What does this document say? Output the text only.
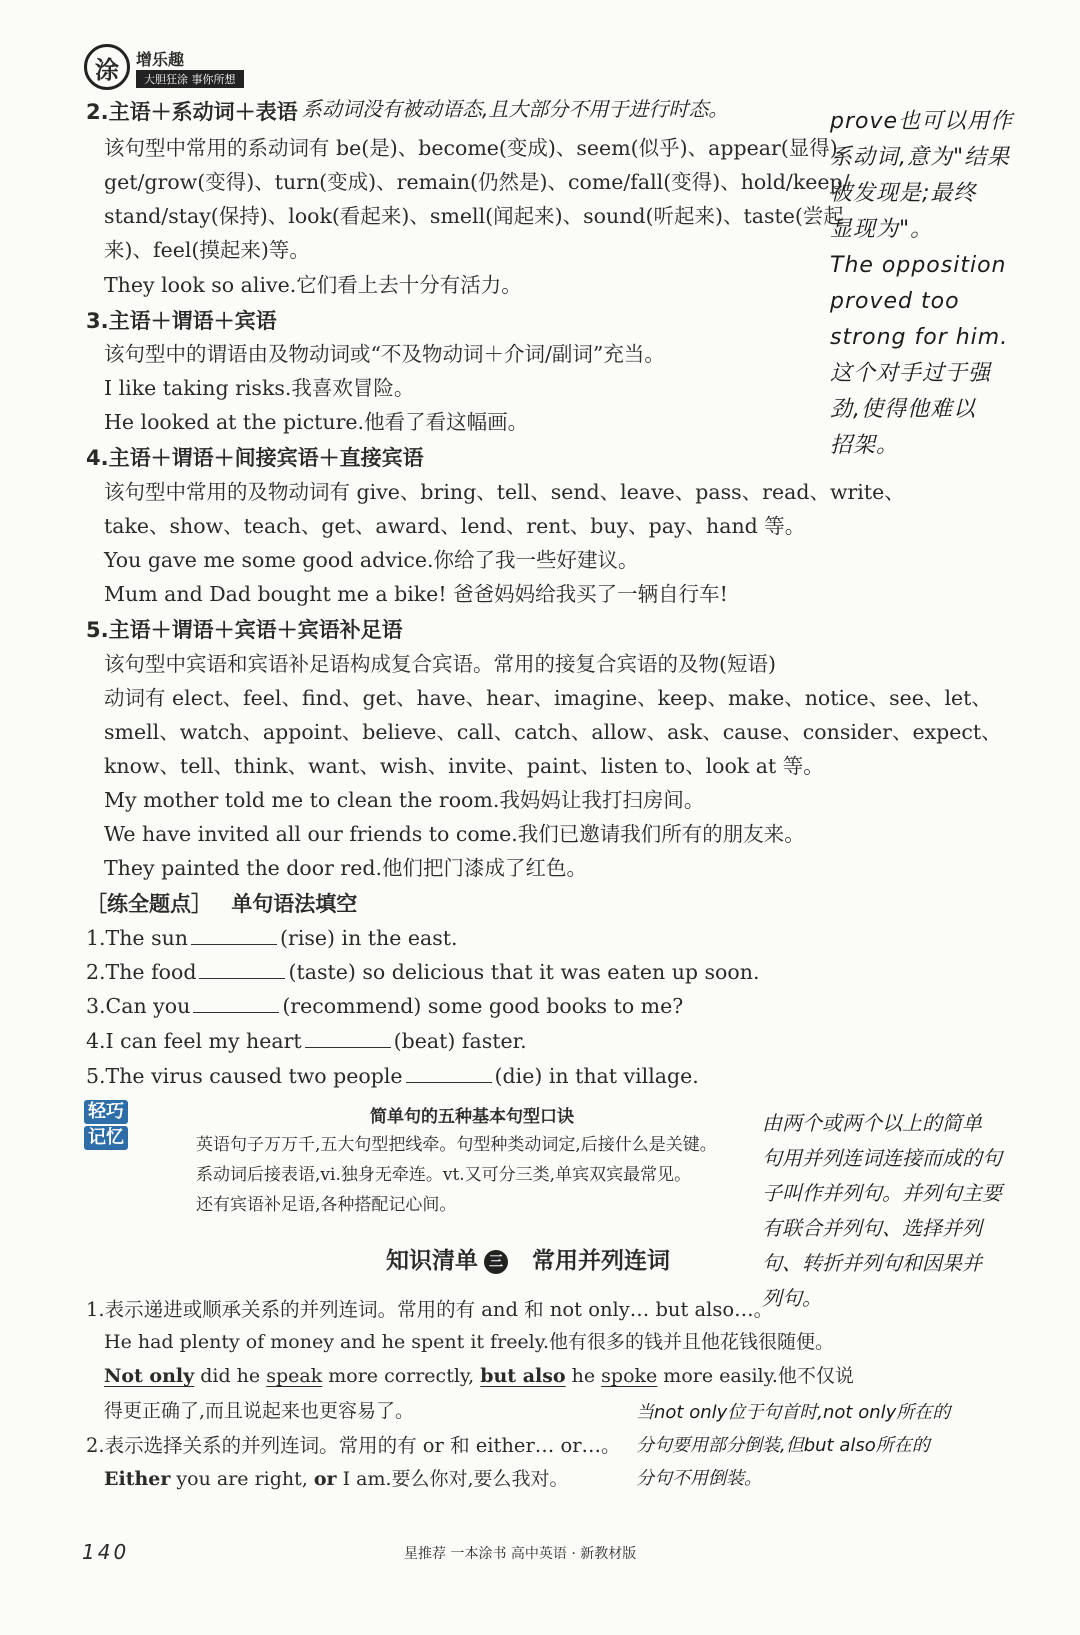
涂	增乐趣
大胆狂涂 事你所想
2.主语＋系动词＋表语 系动词没有被动语态,且大部分不用于进行时态。
该句型中常用的系动词有 be(是)、become(变成)、seem(似乎)、appear(显得)、
get/grow(变得)、turn(变成)、remain(仍然是)、come/fall(变得)、hold/keep/
stand/stay(保持)、look(看起来)、smell(闻起来)、sound(听起来)、taste(尝起
来)、feel(摸起来)等。
They look so alive.它们看上去十分有活力。
3.主语＋谓语＋宾语
该句型中的谓语由及物动词或“不及物动词＋介词/副词”充当。
I like taking risks.我喜欢冒险。
He looked at the picture.他看了看这幅画。
4.主语＋谓语＋间接宾语＋直接宾语
该句型中常用的及物动词有 give、bring、tell、send、leave、pass、read、write、
take、show、teach、get、award、lend、rent、buy、pay、hand 等。
You gave me some good advice.你给了我一些好建议。
Mum and Dad bought me a bike! 爸爸妈妈给我买了一辆自行车!
5.主语＋谓语＋宾语＋宾语补足语
该句型中宾语和宾语补足语构成复合宾语。常用的接复合宾语的及物(短语)
动词有 elect、feel、find、get、have、hear、imagine、keep、make、notice、see、let、
smell、watch、appoint、believe、call、catch、allow、ask、cause、consider、expect、
know、tell、think、want、wish、invite、paint、listen to、look at 等。
My mother told me to clean the room.我妈妈让我打扫房间。
We have invited all our friends to come.我们已邀请我们所有的朋友来。
They painted the door red.他们把门漆成了红色。
［练全题点］ 单句语法填空
1.The sun	(rise) in the east.
2.The food	(taste) so delicious that it was eaten up soon.
3.Can you	(recommend) some good books to me?
4.I can feel my heart	(beat) faster.
5.The virus caused two people	(die) in that village.
轻巧
记忆
简单句的五种基本句型口诀
英语句子万万千,五大句型把线牵。句型种类动词定,后接什么是关键。
系动词后接表语,vi.独身无牵连。vt.又可分三类,单宾双宾最常见。
还有宾语补足语,各种搭配记心间。
知识清单 三 常用并列连词
1.表示递进或顺承关系的并列连词。常用的有 and 和 not only… but also…。
He had plenty of money and he spent it freely.他有很多的钱并且他花钱很随便。
Not only did he speak more correctly, but also he spoke more easily.他不仅说
得更正确了,而且说起来也更容易了。
2.表示选择关系的并列连词。常用的有 or 和 either… or…。
Either you are right, or I am.要么你对,要么我对。
prove也可以用作
系动词,意为"结果
被发现是;最终
显现为"。
The opposition
proved too
strong for him.
这个对手过于强
劲,使得他难以
招架。
由两个或两个以上的简单
句用并列连词连接而成的句
子叫作并列句。并列句主要
有联合并列句、选择并列
句、转折并列句和因果并
列句。
当not only位于句首时,not only所在的
分句要用部分倒装,但but also所在的
分句不用倒装。
140	星推荐 一本涂书 高中英语 · 新教材版
